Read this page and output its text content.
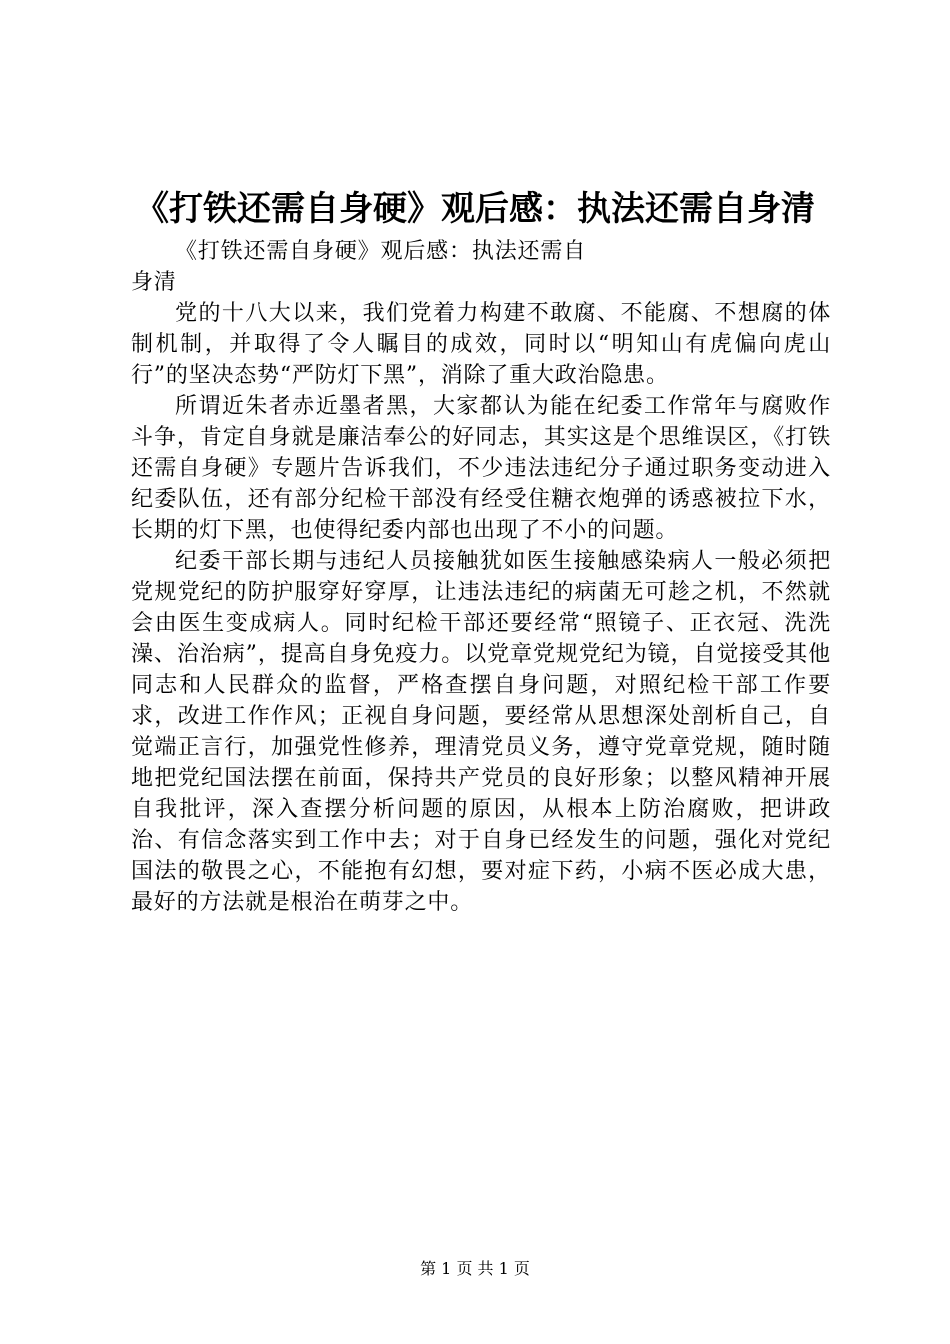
《打铁还需自身硬》观后感：执法还需自身清

《打铁还需自身硬》观后感：执法还需自身清

党的十八大以来，我们党着力构建不敢腐、不能腐、不想腐的体制机制，并取得了令人瞩目的成效，同时以“明知山有虎偏向虎山行”的坚决态势“严防灯下黑”，消除了重大政治隐患。

所谓近朱者赤近墨者黑，大家都认为能在纪委工作常年与腐败作斗争，肯定自身就是廉洁奉公的好同志，其实这是个思维误区，《打铁还需自身硬》专题片告诉我们，不少违法违纪分子通过职务变动进入纪委队伍，还有部分纪检干部没有经受住糖衣炮弹的诱惑被拉下水，长期的灯下黑，也使得纪委内部也出现了不小的问题。

纪委干部长期与违纪人员接触犹如医生接触感染病人一般必须把党规党纪的防护服穿好穿厚，让违法违纪的病菌无可趁之机，不然就会由医生变成病人。同时纪检干部还要经常“照镜子、正衣冠、洗洗澡、治治病”，提高自身免疫力。以党章党规党纪为镜，自觉接受其他同志和人民群众的监督，严格查摆自身问题，对照纪检干部工作要求，改进工作作风；正视自身问题，要经常从思想深处剖析自己，自觉端正言行，加强党性修养，理清党员义务，遵守党章党规，随时随地把党纪国法摆在前面，保持共产党员的良好形象；以整风精神开展自我批评，深入查摆分析问题的原因，从根本上防治腐败，把讲政治、有信念落实到工作中去；对于自身已经发生的问题，强化对党纪国法的敬畏之心，不能抱有幻想，要对症下药，小病不医必成大患，最好的方法就是根治在萌芽之中。

第 1 页 共 1 页
